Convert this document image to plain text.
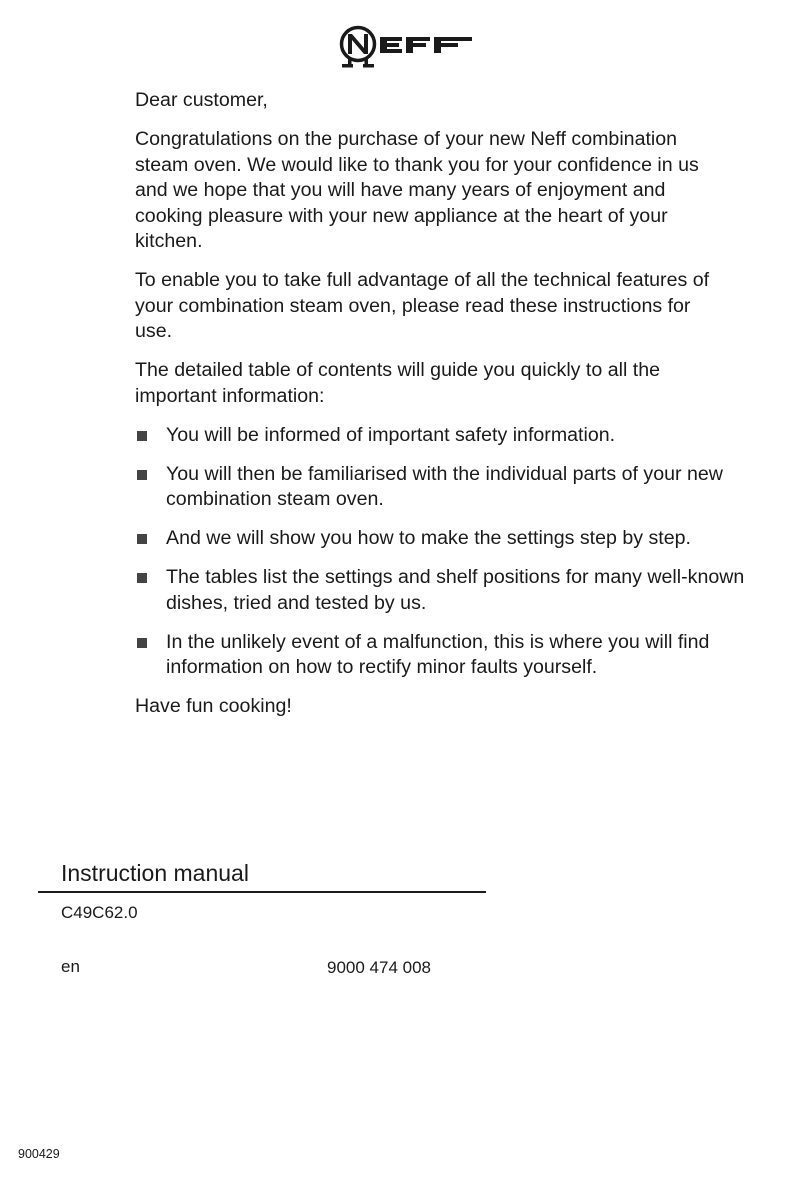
Dear customer,

Congratulations on the purchase of your new Neff combination steam oven. We would like to thank you for your confidence in us and we hope that you will have many years of enjoyment and cooking pleasure with your new appliance at the heart of your kitchen.

To enable you to take full advantage of all the technical features of your combination steam oven, please read these instructions for use.

The detailed table of contents will guide you quickly to all the important information:

You will be informed of important safety information.
You will then be familiarised with the individual parts of your new combination steam oven.
And we will show you how to make the settings step by step.
The tables list the settings and shelf positions for many well-known dishes, tried and tested by us.
In the unlikely event of a malfunction, this is where you will find information on how to rectify minor faults yourself.

Have fun cooking!

Instruction manual
C49C62.0
en	9000 474 008
900429
